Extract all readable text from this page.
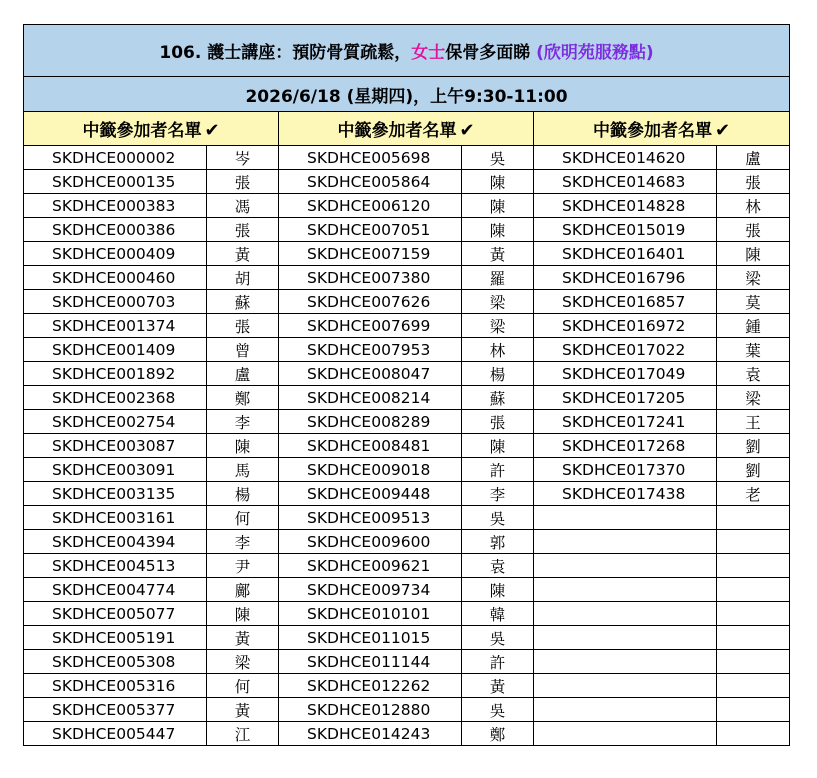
106. 護士講座：預防骨質疏鬆，女士保骨多面睇 (欣明苑服務點)					
2026/6/18 (星期四)，上午9:30-11:00					
中籤參加者名單 ✔		中籤參加者名單 ✔		中籤參加者名單 ✔	
SKDHCE000002	岑	SKDHCE005698	吳	SKDHCE014620	盧
SKDHCE000135	張	SKDHCE005864	陳	SKDHCE014683	張
SKDHCE000383	馮	SKDHCE006120	陳	SKDHCE014828	林
SKDHCE000386	張	SKDHCE007051	陳	SKDHCE015019	張
SKDHCE000409	黃	SKDHCE007159	黃	SKDHCE016401	陳
SKDHCE000460	胡	SKDHCE007380	羅	SKDHCE016796	梁
SKDHCE000703	蘇	SKDHCE007626	梁	SKDHCE016857	莫
SKDHCE001374	張	SKDHCE007699	梁	SKDHCE016972	鍾
SKDHCE001409	曾	SKDHCE007953	林	SKDHCE017022	葉
SKDHCE001892	盧	SKDHCE008047	楊	SKDHCE017049	袁
SKDHCE002368	鄭	SKDHCE008214	蘇	SKDHCE017205	梁
SKDHCE002754	李	SKDHCE008289	張	SKDHCE017241	王
SKDHCE003087	陳	SKDHCE008481	陳	SKDHCE017268	劉
SKDHCE003091	馬	SKDHCE009018	許	SKDHCE017370	劉
SKDHCE003135	楊	SKDHCE009448	李	SKDHCE017438	老
SKDHCE003161	何	SKDHCE009513	吳		
SKDHCE004394	李	SKDHCE009600	郭		
SKDHCE004513	尹	SKDHCE009621	袁		
SKDHCE004774	鄺	SKDHCE009734	陳		
SKDHCE005077	陳	SKDHCE010101	韓		
SKDHCE005191	黃	SKDHCE011015	吳		
SKDHCE005308	梁	SKDHCE011144	許		
SKDHCE005316	何	SKDHCE012262	黃		
SKDHCE005377	黃	SKDHCE012880	吳		
SKDHCE005447	江	SKDHCE014243	鄭		
